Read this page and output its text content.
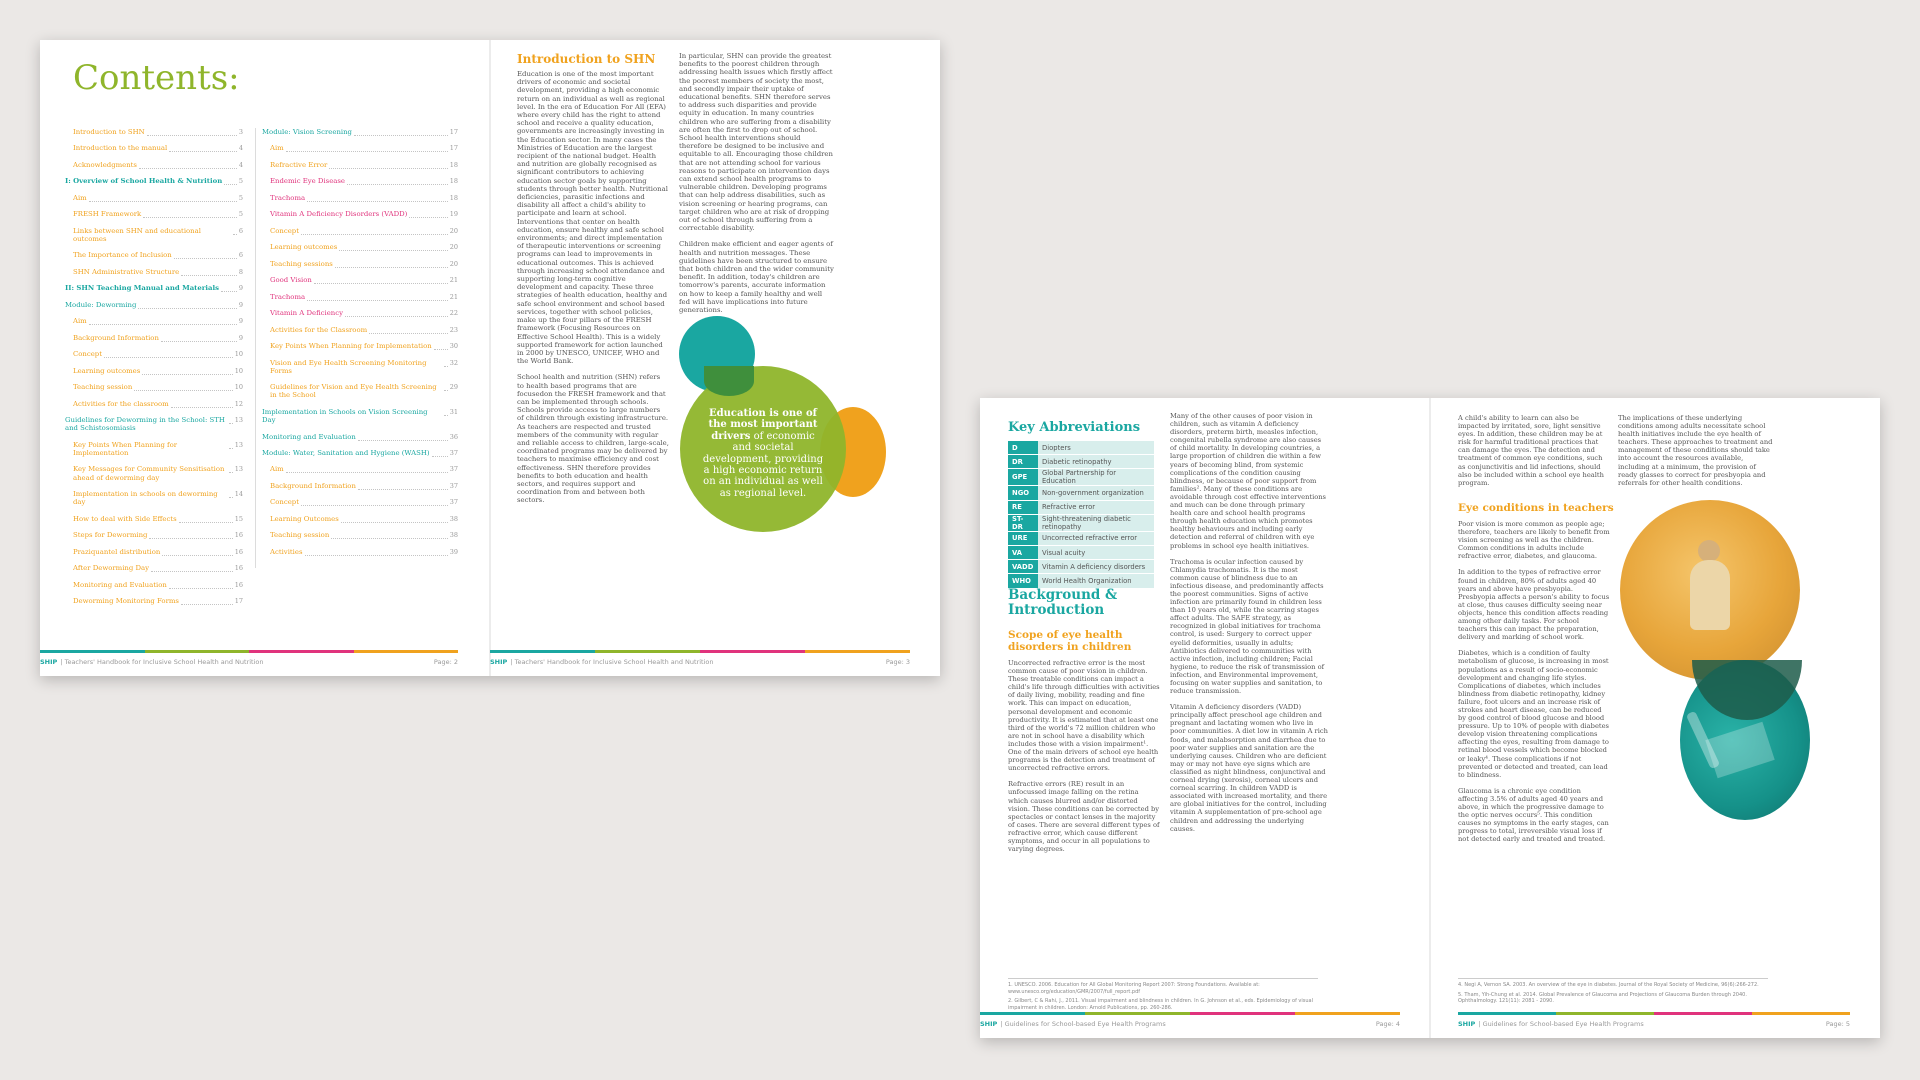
Contents:
Introduction to SHN	3
Introduction to the manual	4
Acknowledgments	4
I: Overview of School Health & Nutrition	5
Aim	5
FRESH Framework	5
Links between SHN and educational outcomes
6
The Importance of Inclusion	6
SHN Administrative Structure	8
II: SHN Teaching Manual and Materials	9
Module: Deworming	9
Aim	9
Background Information	9
Concept	10
Learning outcomes	10
Teaching session	10
Activities for the classroom	12
Guidelines for Deworming in the School: STH and Schistosomiasis
13
Key Points When Planning for Implementation
13
Key Messages for Community Sensitisation ahead of deworming day
13
Implementation in schools on deworming day
14
How to deal with Side Effects	15
Steps for Deworming	16
Praziquantel distribution	16
After Deworming Day	16
Monitoring and Evaluation	16
Deworming Monitoring Forms	17
Module: Vision Screening	17
Aim	17
Refractive Error	18
Endemic Eye Disease	18
Trachoma	18
Vitamin A Deficiency Disorders (VADD)	19
Concept	20
Learning outcomes	20
Teaching sessions	20
Good Vision	21
Trachoma	21
Vitamin A Deficiency	22
Activities for the Classroom	23
Key Points When Planning for Implementation	30
Vision and Eye Health Screening Monitoring Forms
32
Guidelines for Vision and Eye Health Screening in the School
29
Implementation in Schools on Vision Screening Day
31
Monitoring and Evaluation	36
Module: Water, Sanitation and Hygiene (WASH)	37
Aim	37
Background Information	37
Concept	37
Learning Outcomes	38
Teaching session	38
Activities	39
SHIP | Teachers' Handbook for Inclusive School Health and Nutrition	Page: 2
Introduction to SHN

Education is one of the most important drivers of economic and societal development, providing a high economic return on an individual as well as regional level. In the era of Education For All (EFA) where every child has the right to attend school and receive a quality education, governments are increasingly investing in the Education sector. In many cases the Ministries of Education are the largest recipient of the national budget. Health and nutrition are globally recognised as significant contributors to achieving education sector goals by supporting students through better health. Nutritional deficiencies, parasitic infections and disability all affect a child's ability to participate and learn at school. Interventions that center on health education, ensure healthy and safe school environments; and direct implementation of therapeutic interventions or screening programs can lead to improvements in educational outcomes. This is achieved through increasing school attendance and supporting long-term cognitive development and capacity. These three strategies of health education, healthy and safe school environment and school based services, together with school policies, make up the four pillars of the FRESH framework (Focusing Resources on Effective School Health). This is a widely supported framework for action launched in 2000 by UNESCO, UNICEF, WHO and the World Bank.

School health and nutrition (SHN) refers to health based programs that are focusedon the FRESH framework and that can be implemented through schools. Schools provide access to large numbers of children through existing infrastructure. As teachers are respected and trusted members of the community with regular and reliable access to children, large-scale, coordinated programs may be delivered by teachers to maximise efficiency and cost effectiveness. SHN therefore provides benefits to both education and health sectors, and requires support and coordination from and between both sectors.

In particular, SHN can provide the greatest benefits to the poorest children through addressing health issues which firstly affect the poorest members of society the most, and secondly impair their uptake of educational benefits. SHN therefore serves to address such disparities and provide equity in education. In many countries children who are suffering from a disability are often the first to drop out of school. School health interventions should therefore be designed to be inclusive and equitable to all. Encouraging those children that are not attending school for various reasons to participate on intervention days can extend school health programs to vulnerable children. Developing programs that can help address disabilities, such as vision screening or hearing programs, can target children who are at risk of dropping out of school through suffering from a correctable disability.

Children make efficient and eager agents of health and nutrition messages. These guidelines have been structured to ensure that both children and the wider community benefit. In addition, today's children are tomorrow's parents, accurate information on how to keep a family healthy and well fed will have implications into future generations.

Education is one of the most important drivers of economic and societal development, providing a high economic return on an individual as well as regional level.
SHIP | Teachers' Handbook for Inclusive School Health and Nutrition	Page: 3
Key Abbreviations
D	Diopters
DR	Diabetic retinopathy
GPE	Global Partnership for Education
NGO	Non-government organization
RE	Refractive error
ST-DR	Sight-threatening diabetic retinopathy
URE	Uncorrected refractive error
VA	Visual acuity
VADD	Vitamin A deficiency disorders
WHO	World Health Organization
Background & Introduction
Scope of eye health disorders in children

Uncorrected refractive error is the most common cause of poor vision in children. These treatable conditions can impact a child's life through difficulties with activities of daily living, mobility, reading and fine work. This can impact on education, personal development and economic productivity. It is estimated that at least one third of the world's 72 million children who are not in school have a disability which includes those with a vision impairment¹. One of the main drivers of school eye health programs is the detection and treatment of uncorrected refractive errors.

Refractive errors (RE) result in an unfocussed image falling on the retina which causes blurred and/or distorted vision. These conditions can be corrected by spectacles or contact lenses in the majority of cases. There are several different types of refractive error, which cause different symptoms, and occur in all populations to varying degrees.

Many of the other causes of poor vision in children, such as vitamin A deficiency disorders, preterm birth, measles infection, congenital rubella syndrome are also causes of child mortality. In developing countries, a large proportion of children die within a few years of becoming blind, from systemic complications of the condition causing blindness, or because of poor support from families². Many of these conditions are avoidable through cost effective interventions and much can be done through primary health care and school health programs through health education which promotes healthy behaviours and including early detection and referral of children with eye problems in school eye health initiatives.

Trachoma is ocular infection caused by Chlamydia trachomatis. It is the most common cause of blindness due to an infectious disease, and predominantly affects the poorest communities. Signs of active infection are primarily found in children less than 10 years old, while the scarring stages affect adults. The SAFE strategy, as recognized in global initiatives for trachoma control, is used: Surgery to correct upper eyelid deformities, usually in adults; Antibiotics delivered to communities with active infection, including children; Facial hygiene, to reduce the risk of transmission of infection, and Environmental improvement, focusing on water supplies and sanitation, to reduce transmission.

Vitamin A deficiency disorders (VADD) principally affect preschool age children and pregnant and lactating women who live in poor communities. A diet low in vitamin A rich foods, and malabsorption and diarrhea due to poor water supplies and sanitation are the underlying causes. Children who are deficient may or may not have eye signs which are classified as night blindness, conjunctival and corneal drying (xerosis), corneal ulcers and corneal scarring. In children VADD is associated with increased mortality, and there are global initiatives for the control, including vitamin A supplementation of pre-school age children and addressing the underlying causes.

1. UNESCO. 2006. Education for All Global Monitoring Report 2007: Strong Foundations. Available at: www.unesco.org/education/GMR/2007/full_report.pdf
2. Gilbert, C & Rahi, J., 2011. Visual impairment and blindness in children. In G. Johnson et al., eds. Epidemiology of visual impairment in children. London: Arnold Publications, pp. 260-286.
SHIP | Guidelines for School-based Eye Health Programs	Page: 4

A child's ability to learn can also be impacted by irritated, sore, light sensitive eyes. In addition, these children may be at risk for harmful traditional practices that can damage the eyes. The detection and treatment of common eye conditions, such as conjunctivitis and lid infections, should also be included within a school eye health program.

The implications of these underlying conditions among adults necessitate school health initiatives include the eye health of teachers. These approaches to treatment and management of these conditions should take into account the resources available, including at a minimum, the provision of ready glasses to correct for presbyopia and referrals for other health conditions.

Eye conditions in teachers

Poor vision is more common as people age; therefore, teachers are likely to benefit from vision screening as well as the children. Common conditions in adults include refractive error, diabetes, and glaucoma.

In addition to the types of refractive error found in children, 80% of adults aged 40 years and above have presbyopia. Presbyopia affects a person's ability to focus at close, thus causes difficulty seeing near objects, hence this condition affects reading among other daily tasks. For school teachers this can impact the preparation, delivery and marking of school work.

Diabetes, which is a condition of faulty metabolism of glucose, is increasing in most populations as a result of socio-economic development and changing life styles. Complications of diabetes, which includes blindness from diabetic retinopathy, kidney failure, foot ulcers and an increase risk of strokes and heart disease, can be reduced by good control of blood glucose and blood pressure. Up to 10% of people with diabetes develop vision threatening complications affecting the eyes, resulting from damage to retinal blood vessels which become blocked or leaky⁴. These complications if not prevented or detected and treated, can lead to blindness.

Glaucoma is a chronic eye condition affecting 3.5% of adults aged 40 years and above, in which the progressive damage to the optic nerves occurs⁵. This condition causes no symptoms in the early stages, can progress to total, irreversible visual loss if not detected early and treated and treated.

4. Negi A, Vernon SA. 2003. An overview of the eye in diabetes. Journal of the Royal Society of Medicine, 96(6):266-272.
5. Tham, Yih-Chung et al. 2014. Global Prevalence of Glaucoma and Projections of Glaucoma Burden through 2040. Ophthalmology. 121(11): 2081 - 2090.
SHIP | Guidelines for School-based Eye Health Programs	Page: 5
